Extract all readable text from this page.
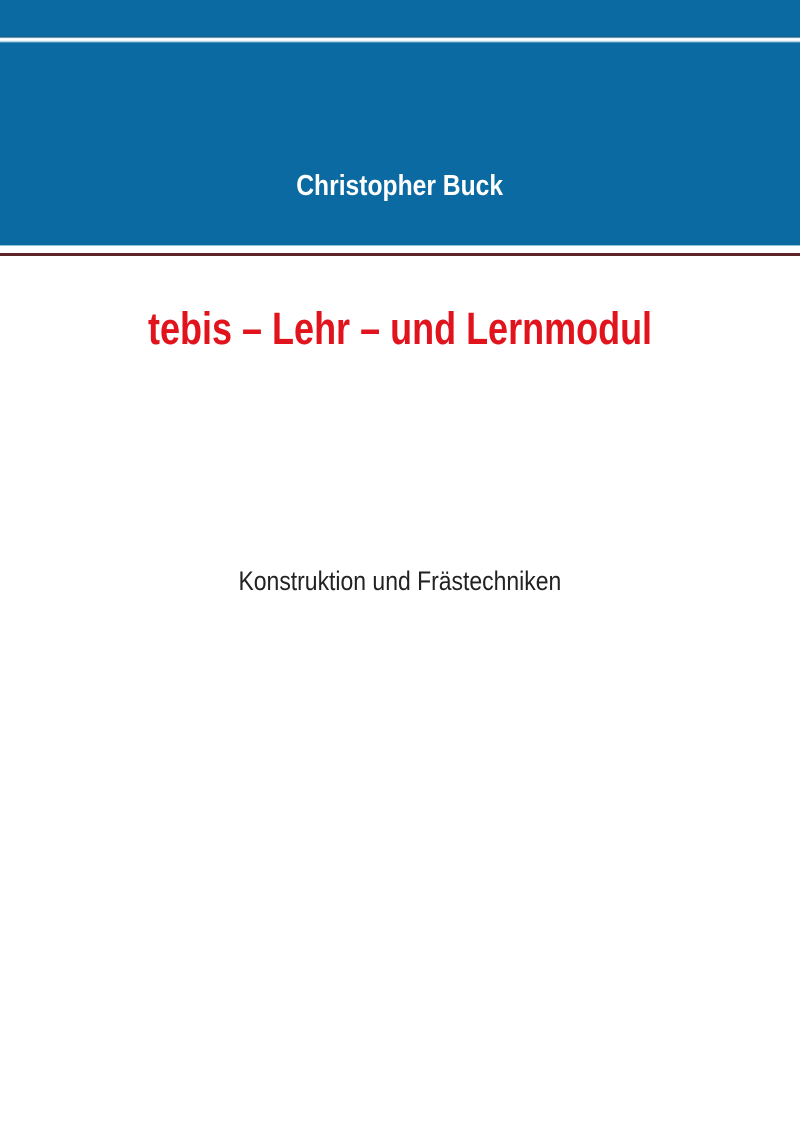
Christopher Buck
tebis – Lehr – und Lernmodul
Konstruktion und Frästechniken
